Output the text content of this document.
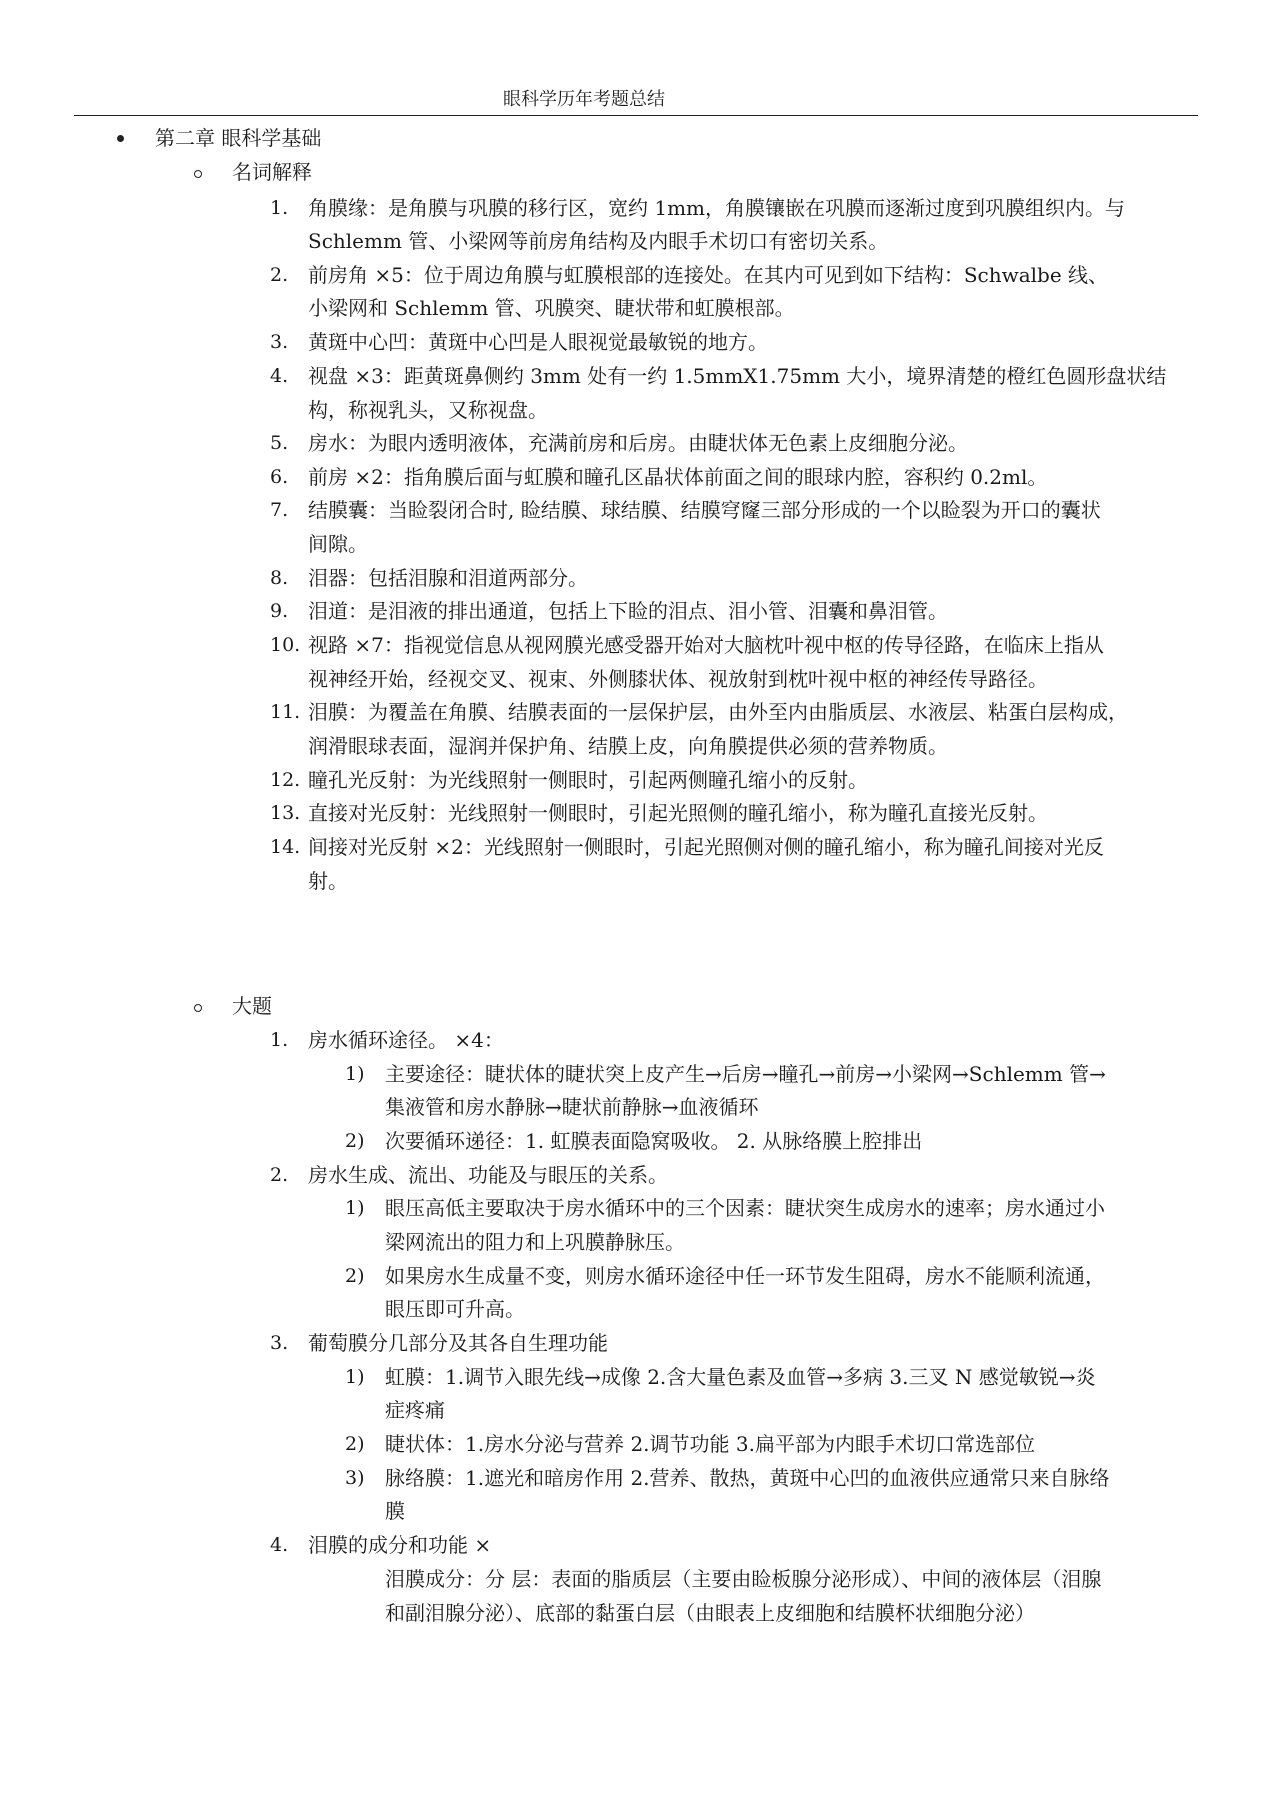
眼科学历年考题总结
第二章 眼科学基础
名词解释
1. 角膜缘：是角膜与巩膜的移行区，宽约 1mm，角膜镶嵌在巩膜而逐渐过度到巩膜组织内。与
Schlemm 管、小梁网等前房角结构及内眼手术切口有密切关系。
2. 前房角 ×5：位于周边角膜与虹膜根部的连接处。在其内可见到如下结构：Schwalbe 线、
小梁网和 Schlemm 管、巩膜突、睫状带和虹膜根部。
3. 黄斑中心凹：黄斑中心凹是人眼视觉最敏锐的地方。
4. 视盘 ×3：距黄斑鼻侧约 3mm 处有一约 1.5mmX1.75mm 大小，境界清楚的橙红色圆形盘状结
构，称视乳头，又称视盘。
5. 房水：为眼内透明液体，充满前房和后房。由睫状体无色素上皮细胞分泌。
6. 前房 ×2：指角膜后面与虹膜和瞳孔区晶状体前面之间的眼球内腔，容积约 0.2ml。
7. 结膜囊：当睑裂闭合时, 睑结膜、球结膜、结膜穹窿三部分形成的一个以睑裂为开口的囊状
间隙。
8. 泪器：包括泪腺和泪道两部分。
9. 泪道：是泪液的排出通道，包括上下睑的泪点、泪小管、泪囊和鼻泪管。
10. 视路 ×7：指视觉信息从视网膜光感受器开始对大脑枕叶视中枢的传导径路，在临床上指从
视神经开始，经视交叉、视束、外侧膝状体、视放射到枕叶视中枢的神经传导路径。
11. 泪膜：为覆盖在角膜、结膜表面的一层保护层，由外至内由脂质层、水液层、粘蛋白层构成，
润滑眼球表面，湿润并保护角、结膜上皮，向角膜提供必须的营养物质。
12. 瞳孔光反射：为光线照射一侧眼时，引起两侧瞳孔缩小的反射。
13. 直接对光反射：光线照射一侧眼时，引起光照侧的瞳孔缩小，称为瞳孔直接光反射。
14. 间接对光反射 ×2：光线照射一侧眼时，引起光照侧对侧的瞳孔缩小，称为瞳孔间接对光反
射。
大题
1. 房水循环途径。 ×4：
1) 主要途径：睫状体的睫状突上皮产生→后房→瞳孔→前房→小梁网→Schlemm 管→
集液管和房水静脉→睫状前静脉→血液循环
2) 次要循环递径：1. 虹膜表面隐窝吸收。 2. 从脉络膜上腔排出
2. 房水生成、流出、功能及与眼压的关系。
1) 眼压高低主要取决于房水循环中的三个因素：睫状突生成房水的速率；房水通过小
梁网流出的阻力和上巩膜静脉压。
2) 如果房水生成量不变，则房水循环途径中任一环节发生阻碍，房水不能顺利流通，
眼压即可升高。
3. 葡萄膜分几部分及其各自生理功能
1) 虹膜：1.调节入眼先线→成像 2.含大量色素及血管→多病 3.三叉 N 感觉敏锐→炎
症疼痛
2) 睫状体：1.房水分泌与营养 2.调节功能 3.扁平部为内眼手术切口常选部位
3) 脉络膜：1.遮光和暗房作用 2.营养、散热，黄斑中心凹的血液供应通常只来自脉络
膜
4. 泪膜的成分和功能 ×
泪膜成分：分 层：表面的脂质层（主要由睑板腺分泌形成）、中间的液体层（泪腺
和副泪腺分泌）、底部的黏蛋白层（由眼表上皮细胞和结膜杯状细胞分泌）
